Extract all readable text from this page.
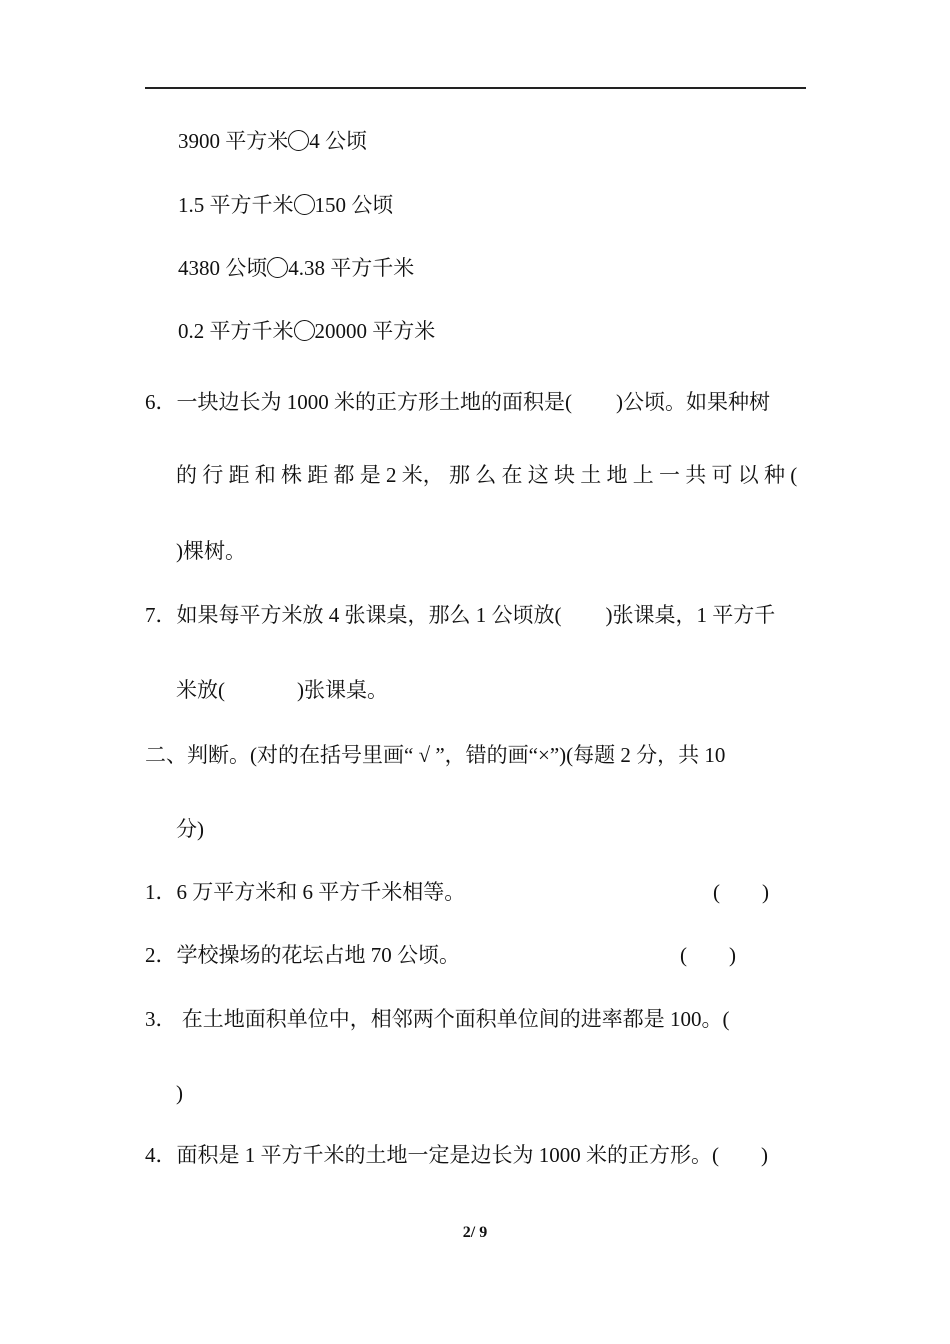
3900 平方米 4 公顷
1.5 平方千米 150 公顷
4380 公顷 4.38 平方千米
0.2 平方千米 20000 平方米
6．一块边长为 1000 米的正方形土地的面积是( )公顷。如果种树
的 行 距 和 株 距 都 是 2 米， 那 么 在 这 块 土 地 上 一 共 可 以 种 (
)棵树。
7．如果每平方米放 4 张课桌，那么 1 公顷放( )张课桌，1 平方千
米放(	)张课桌。
二、判断。(对的在括号里画“ √ ”，错的画“×”)(每题 2 分，共 10
分)
1．6 万平方米和 6 平方千米相等。	(　　)
2．学校操场的花坛占地 70 公顷。	(　　)
3． 在土地面积单位中，相邻两个面积单位间的进率都是 100。(
)
4．面积是 1 平方千米的土地一定是边长为 1000 米的正方形。(　　)
2/ 9
